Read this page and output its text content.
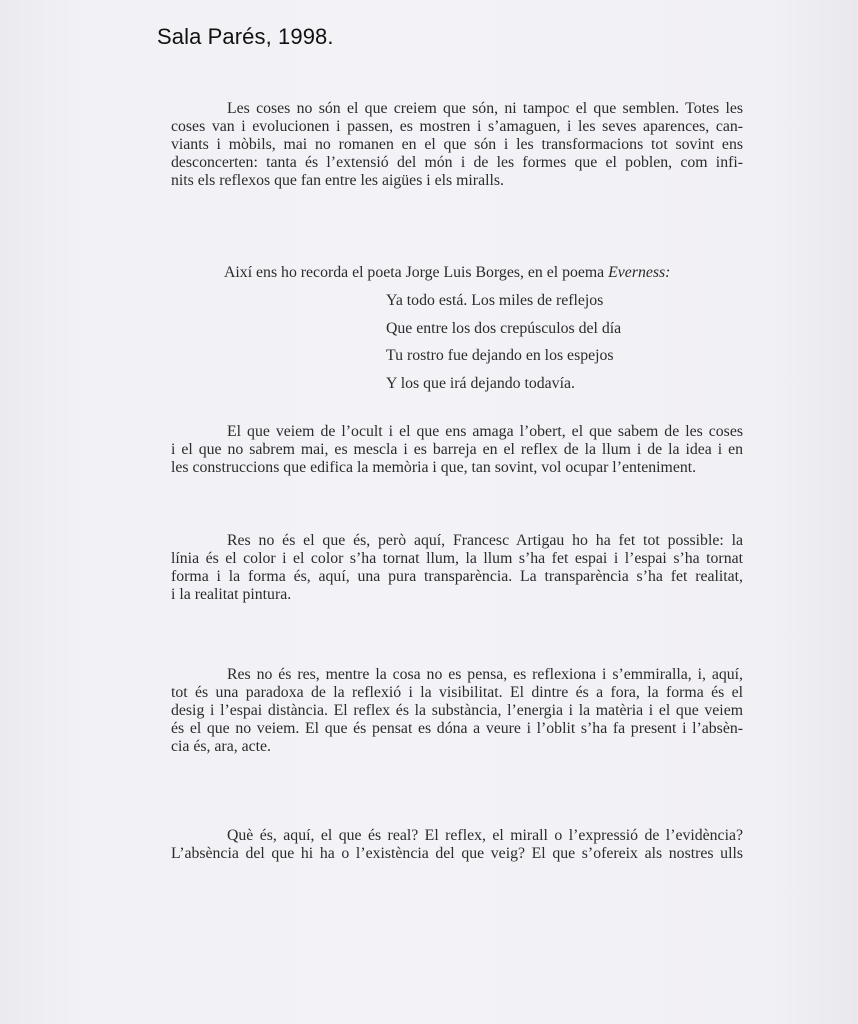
Sala Parés, 1998.
Les coses no són el que creiem que són, ni tampoc el que semblen. Totes les
coses van i evolucionen i passen, es mostren i s’amaguen, i les seves aparences, can-
viants i mòbils, mai no romanen en el que són i les transformacions tot sovint ens
desconcerten: tanta és l’extensió del món i de les formes que el poblen, com infi-
nits els reflexos que fan entre les aigües i els miralls.
Així ens ho recorda el poeta Jorge Luis Borges, en el poema Everness:
Ya todo está. Los miles de reflejos
Que entre los dos crepúsculos del día
Tu rostro fue dejando en los espejos
Y los que irá dejando todavía.
El que veiem de l’ocult i el que ens amaga l’obert, el que sabem de les coses
i el que no sabrem mai, es mescla i es barreja en el reflex de la llum i de la idea i en
les construccions que edifica la memòria i que, tan sovint, vol ocupar l’enteniment.
Res no és el que és, però aquí, Francesc Artigau ho ha fet tot possible: la
línia és el color i el color s’ha tornat llum, la llum s’ha fet espai i l’espai s’ha tornat
forma i la forma és, aquí, una pura transparència. La transparència s’ha fet realitat,
i la realitat pintura.
Res no és res, mentre la cosa no es pensa, es reflexiona i s’emmiralla, i, aquí,
tot és una paradoxa de la reflexió i la visibilitat. El dintre és a fora, la forma és el
desig i l’espai distància. El reflex és la substància, l’energia i la matèria i el que veiem
és el que no veiem. El que és pensat es dóna a veure i l’oblit s’ha fa present i l’absèn-
cia és, ara, acte.
Què és, aquí, el que és real? El reflex, el mirall o l’expressió de l’evidència?
L’absència del que hi ha o l’existència del que veig? El que s’ofereix als nostres ulls
